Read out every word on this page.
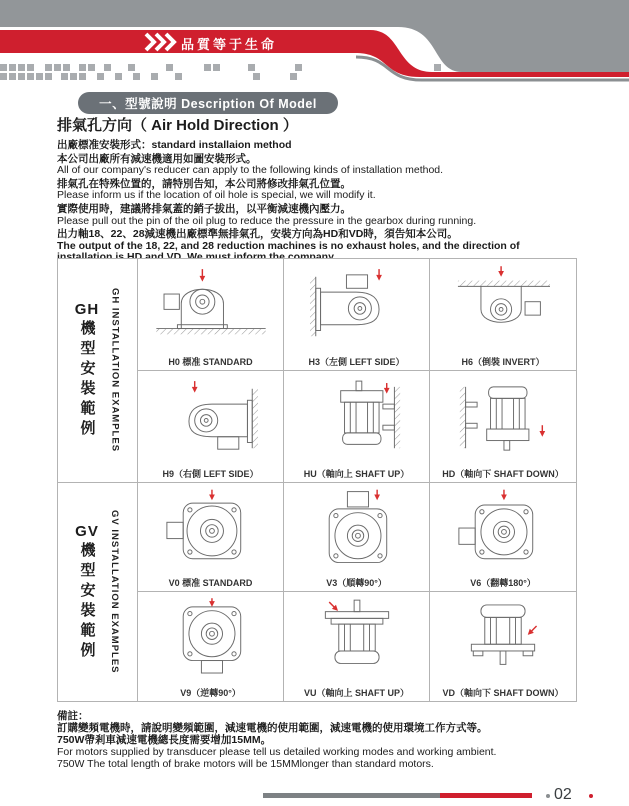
品質等于生命
一、型號說明 Description Of Model
排氣孔方向（ Air Hold Direction ）
出廠標准安裝形式：standard installaion method
本公司出廠所有減速機適用如圖安裝形式。
All of our company's reducer can apply to the following kinds of installation method.
排氣孔在特殊位置的，請特別告知，本公司將修改排氣孔位置。
Please inform us if the location of oil hole is special, we will modify it.
實際使用時，建議將排氣蓋的銷子拔出，以平衡減速機內壓力。
Please pull out the pin of the oil plug to reduce the pressure in the gearbox during running.
出力軸18、22、28減速機出廠標準無排氣孔，安裝方向為HD和VD時，須告知本公司。
The output of the 18, 22, and 28 reduction machines is no exhaust holes, and the direction of
GH
機型安裝範例 GH INSTALLATION EXAMPLES	H0 標准 STANDARD	H3（左側 LEFT SIDE）	H6（倒裝 INVERT）
H9（右側 LEFT SIDE）	HU（軸向上 SHAFT UP）	HD（軸向下 SHAFT DOWN）
GV
機型安裝範例 GV INSTALLATION EXAMPLES	V0 標准 STANDARD	V3（順轉90°）	V6（翻轉180°）
V9（逆轉90°）	VU（軸向上 SHAFT UP）	VD（軸向下 SHAFT DOWN）
備註：
訂購變頻電機時，請說明變頻範圍，減速電機的使用範圍，減速電機的使用環境工作方式等。
750W帶剎車減速電機總長度需要增加15MM。
For motors supplied by transducer please tell us detailed working modes and working ambient.
750W The total length of brake motors will be 15MMlonger than standard motors.
02
